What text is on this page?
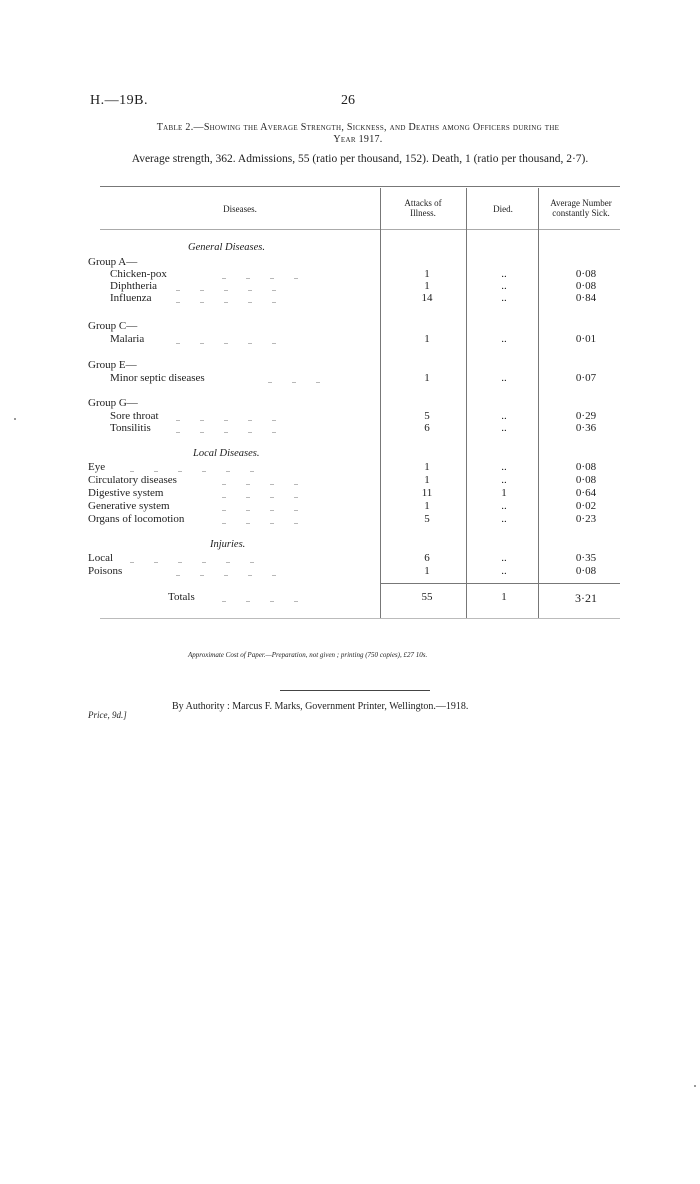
H.—19B.	26
Table 2.—Showing the Average Strength, Sickness, and Deaths among Officers during the
Year 1917.
Average strength, 362. Admissions, 55 (ratio per thousand, 152). Death, 1 (ratio per thousand, 2·7).
Diseases.
Attacks of
Illness.	Died.
Average Number
constantly Sick.
General Diseases.
Group A—
Chicken-pox	..          ..          ..          ..	1	..	0·08
Diphtheria ..          ..          ..          ..          ..	1	..	0·08
Influenza	..          ..          ..          ..          ..	14	..	0·84
Group C—
Malaria	..          ..          ..          ..          ..	1	..	0·01
Group E—
Minor septic diseases	..          ..          ..	1	..	0·07
Group G—
Sore throat ..          ..          ..          ..          ..	5	..	0·29
Tonsilitis	..          ..          ..          ..          ..	6	..	0·36
Local Diseases.
Eye	..          ..          ..          ..          ..          ..	1	..	0·08
Circulatory diseases	..          ..          ..          ..	1	..	0·08
Digestive system	..          ..          ..          ..	11	1	0·64
Generative system	..          ..          ..          ..	1	..	0·02
Organs of locomotion	..          ..          ..          ..	5	..	0·23
Injuries.
Local ..          ..          ..          ..          ..          ..	6	..	0·35
Poisons	..          ..          ..          ..          ..	1	..	0·08
Totals	..          ..          ..          ..	55	1	3·21
Approximate Cost of Paper.—Preparation, not given ; printing (750 copies), £27 10s.
By Authority : Marcus F. Marks, Government Printer, Wellington.—1918.
Price, 9d.]
